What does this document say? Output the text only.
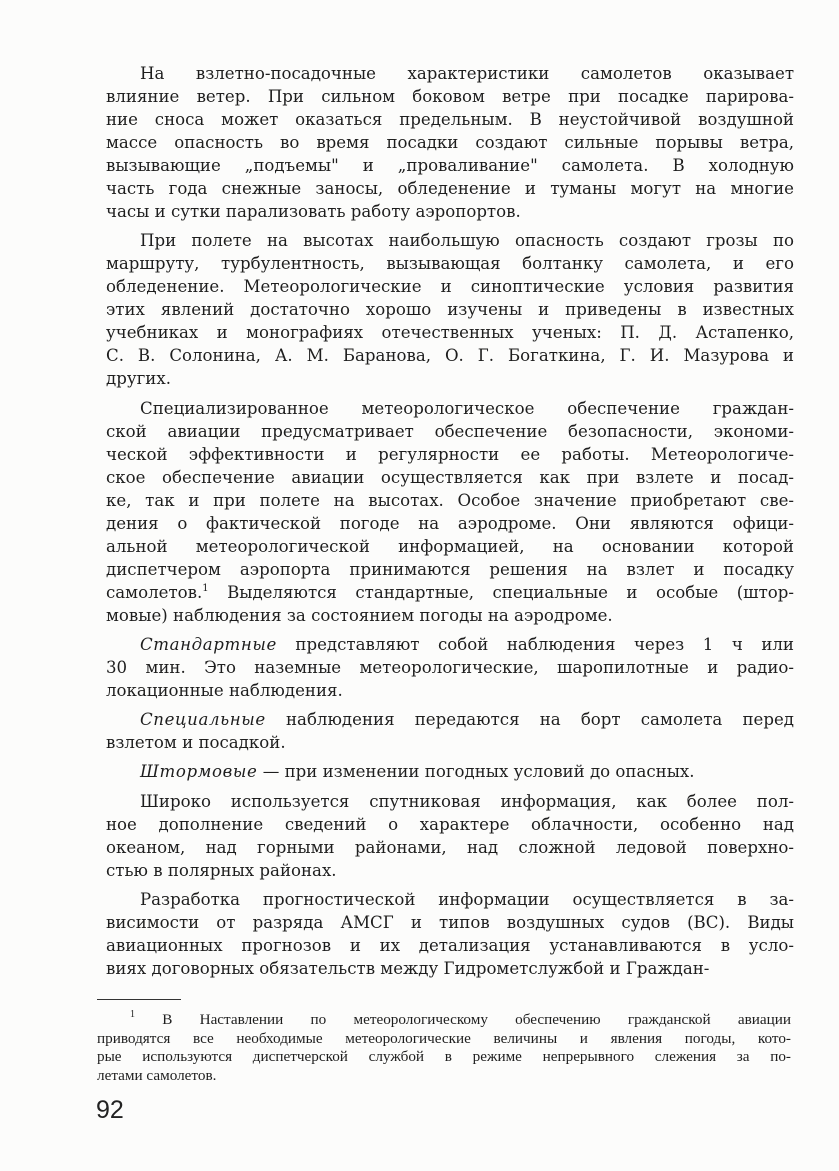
На взлетно-посадочные характеристики самолетов оказывает
влияние ветер. При сильном боковом ветре при посадке парирова-
ние сноса может оказаться предельным. В неустойчивой воздушной
массе опасность во время посадки создают сильные порывы ветра,
вызывающие „подъемы" и „проваливание" самолета. В холодную
часть года снежные заносы, обледенение и туманы могут на многие
часы и сутки парализовать работу аэропортов.
При полете на высотах наибольшую опасность создают грозы по
маршруту, турбулентность, вызывающая болтанку самолета, и его
обледенение. Метеорологические и синоптические условия развития
этих явлений достаточно хорошо изучены и приведены в известных
учебниках и монографиях отечественных ученых: П. Д. Астапенко,
С. В. Солонина, А. М. Баранова, О. Г. Богаткина, Г. И. Мазурова и
других.
Специализированное метеорологическое обеспечение граждан-
ской авиации предусматривает обеспечение безопасности, экономи-
ческой эффективности и регулярности ее работы. Метеорологиче-
ское обеспечение авиации осуществляется как при взлете и посад-
ке, так и при полете на высотах. Особое значение приобретают све-
дения о фактической погоде на аэродроме. Они являются офици-
альной метеорологической информацией, на основании которой
диспетчером аэропорта принимаются решения на взлет и посадку
самолетов.$^1$ Выделяются стандартные, специальные и особые (штор-
мовые) наблюдения за состоянием погоды на аэродроме.
Стандартные представляют собой наблюдения через 1 ч или
30 мин. Это наземные метеорологические, шаропилотные и радио-
локационные наблюдения.
Специальные наблюдения передаются на борт самолета перед
взлетом и посадкой.
Штормовые — при изменении погодных условий до опасных.
Широко используется спутниковая информация, как более пол-
ное дополнение сведений о характере облачности, особенно над
океаном, над горными районами, над сложной ледовой поверхно-
стью в полярных районах.
Разработка прогностической информации осуществляется в за-
висимости от разряда АМСГ и типов воздушных судов (ВС). Виды
авиационных прогнозов и их детализация устанавливаются в усло-
виях договорных обязательств между Гидрометслужбой и Граждан-
$^1$ В Наставлении по метеорологическому обеспечению гражданской авиации
приводятся все необходимые метеорологические величины и явления погоды, кото-
рые используются диспетчерской службой в режиме непрерывного слежения за по-
летами самолетов.
92
